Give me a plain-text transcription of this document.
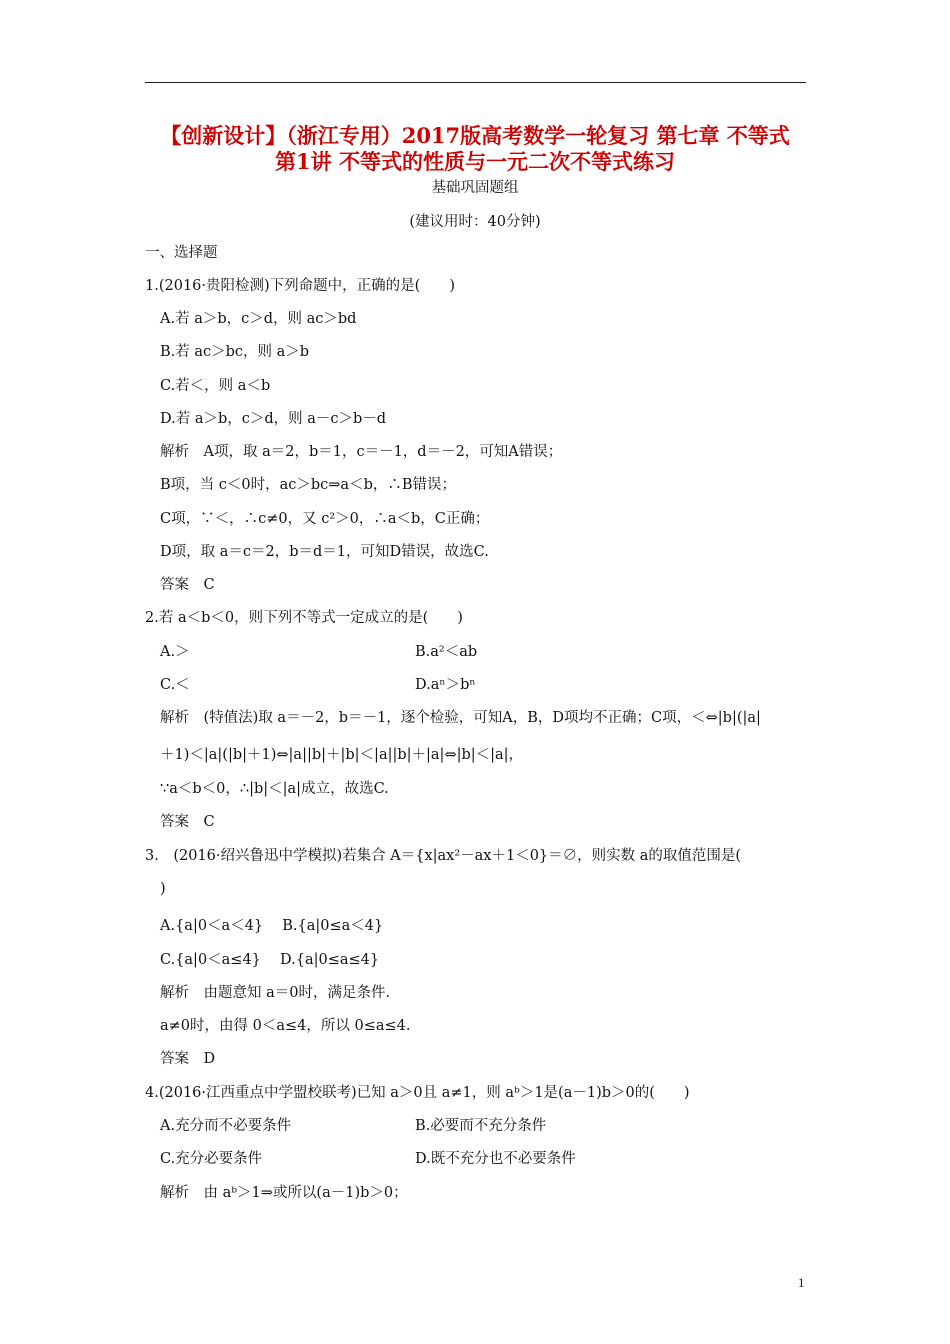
【创新设计】（浙江专用）2017版高考数学一轮复习 第七章 不等式
第1讲 不等式的性质与一元二次不等式练习
基础巩固题组
(建议用时：40分钟)
一、选择题
1.(2016·贵阳检测)下列命题中，正确的是(　　)
A.若 a＞b，c＞d，则 ac＞bd
B.若 ac＞bc，则 a＞b
C.若＜，则 a＜b
D.若 a＞b，c＞d，则 a－c＞b－d
解析　A项，取 a＝2，b＝1，c＝－1，d＝－2，可知A错误；
B项，当 c＜0时，ac＞bc⇒a＜b，∴B错误；
C项，∵＜，∴c≠0，又 c²＞0，∴a＜b，C正确；
D项，取 a＝c＝2，b＝d＝1，可知D错误，故选C.
答案　C
2.若 a＜b＜0，则下列不等式一定成立的是(　　)
A.＞	B.a²＜ab
C.＜	D.aⁿ＞bⁿ
解析　(特值法)取 a＝－2，b＝－1，逐个检验，可知A，B，D项均不正确；C项，＜⇔|b|(|a|
＋1)＜|a|(|b|＋1)⇔|a||b|＋|b|＜|a||b|＋|a|⇔|b|＜|a|，
∵a＜b＜0，∴|b|＜|a|成立，故选C.
答案　C
3.　(2016·绍兴鲁迅中学模拟)若集合 A＝{x|ax²－ax＋1＜0}＝∅，则实数 a的取值范围是(
)
A.{a|0＜a＜4}　 B.{a|0≤a＜4}
C.{a|0＜a≤4}　 D.{a|0≤a≤4}
解析　由题意知 a＝0时，满足条件.
a≠0时，由得 0＜a≤4，所以 0≤a≤4.
答案　D
4.(2016·江西重点中学盟校联考)已知 a＞0且 a≠1，则 aᵇ＞1是(a－1)b＞0的(　　)
A.充分而不必要条件	B.必要而不充分条件
C.充分必要条件	D.既不充分也不必要条件
解析　由 aᵇ＞1⇒或所以(a－1)b＞0；
1
